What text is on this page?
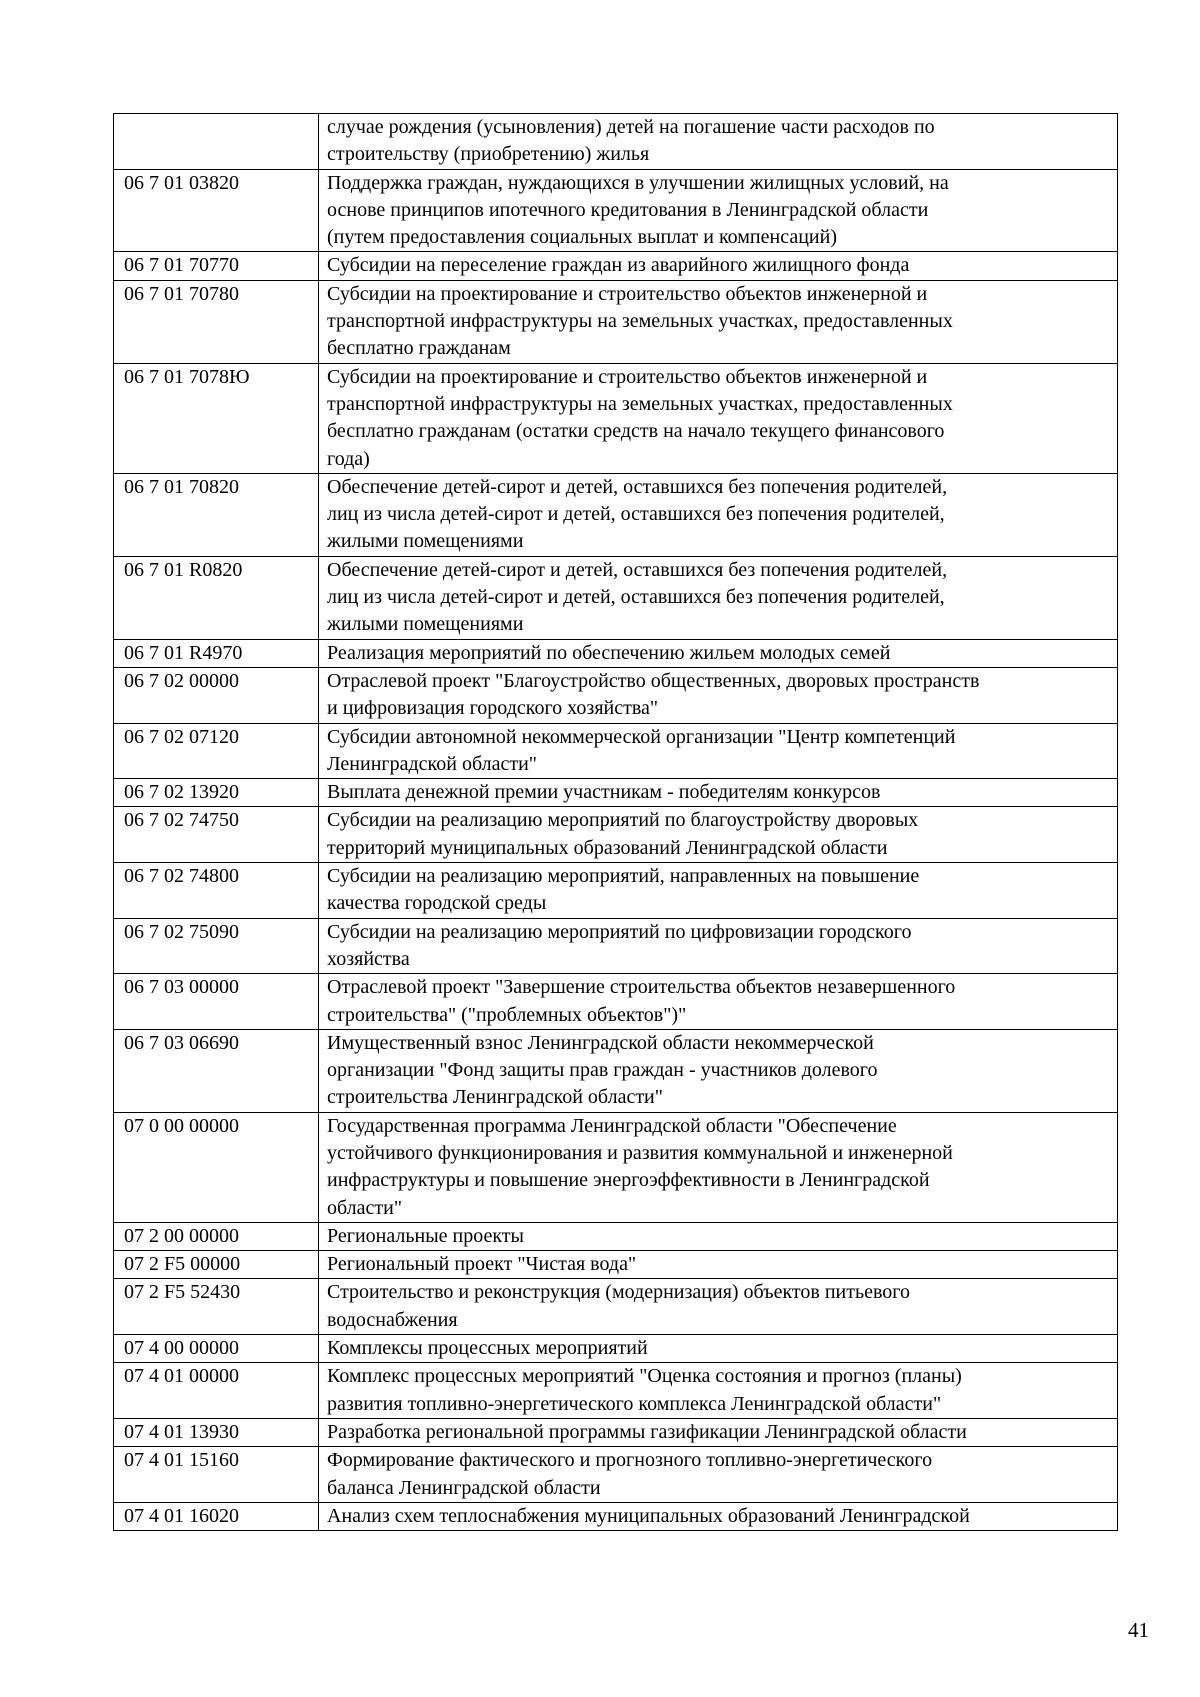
	случае рождения (усыновления) детей на погашение части расходов по
строительству (приобретению) жилья
06 7 01 03820	Поддержка граждан, нуждающихся в улучшении жилищных условий, на
основе принципов ипотечного кредитования в Ленинградской области
(путем предоставления социальных выплат и компенсаций)
06 7 01 70770	Субсидии на переселение граждан из аварийного жилищного фонда
06 7 01 70780	Субсидии на проектирование и строительство объектов инженерной и
транспортной инфраструктуры на земельных участках, предоставленных
бесплатно гражданам
06 7 01 7078Ю	Субсидии на проектирование и строительство объектов инженерной и
транспортной инфраструктуры на земельных участках, предоставленных
бесплатно гражданам (остатки средств на начало текущего финансового
года)
06 7 01 70820	Обеспечение детей-сирот и детей, оставшихся без попечения родителей,
лиц из числа детей-сирот и детей, оставшихся без попечения родителей,
жилыми помещениями
06 7 01 R0820	Обеспечение детей-сирот и детей, оставшихся без попечения родителей,
лиц из числа детей-сирот и детей, оставшихся без попечения родителей,
жилыми помещениями
06 7 01 R4970	Реализация мероприятий по обеспечению жильем молодых семей
06 7 02 00000	Отраслевой проект "Благоустройство общественных, дворовых пространств
и цифровизация городского хозяйства"
06 7 02 07120	Субсидии автономной некоммерческой организации "Центр компетенций
Ленинградской области"
06 7 02 13920	Выплата денежной премии участникам - победителям конкурсов
06 7 02 74750	Субсидии на реализацию мероприятий по благоустройству дворовых
территорий муниципальных образований Ленинградской области
06 7 02 74800	Субсидии на реализацию мероприятий, направленных на повышение
качества городской среды
06 7 02 75090	Субсидии на реализацию мероприятий по цифровизации городского
хозяйства
06 7 03 00000	Отраслевой проект "Завершение строительства объектов незавершенного
строительства" ("проблемных объектов")"
06 7 03 06690	Имущественный взнос Ленинградской области некоммерческой
организации "Фонд защиты прав граждан - участников долевого
строительства Ленинградской области"
07 0 00 00000	Государственная программа Ленинградской области "Обеспечение
устойчивого функционирования и развития коммунальной и инженерной
инфраструктуры и повышение энергоэффективности в Ленинградской
области"
07 2 00 00000	Региональные проекты
07 2 F5 00000	Региональный проект "Чистая вода"
07 2 F5 52430	Строительство и реконструкция (модернизация) объектов питьевого
водоснабжения
07 4 00 00000	Комплексы процессных мероприятий
07 4 01 00000	Комплекс процессных мероприятий "Оценка состояния и прогноз (планы)
развития топливно-энергетического комплекса Ленинградской области"
07 4 01 13930	Разработка региональной программы газификации Ленинградской области
07 4 01 15160	Формирование фактического и прогнозного топливно-энергетического
баланса Ленинградской области
07 4 01 16020	Анализ схем теплоснабжения муниципальных образований Ленинградской
41
